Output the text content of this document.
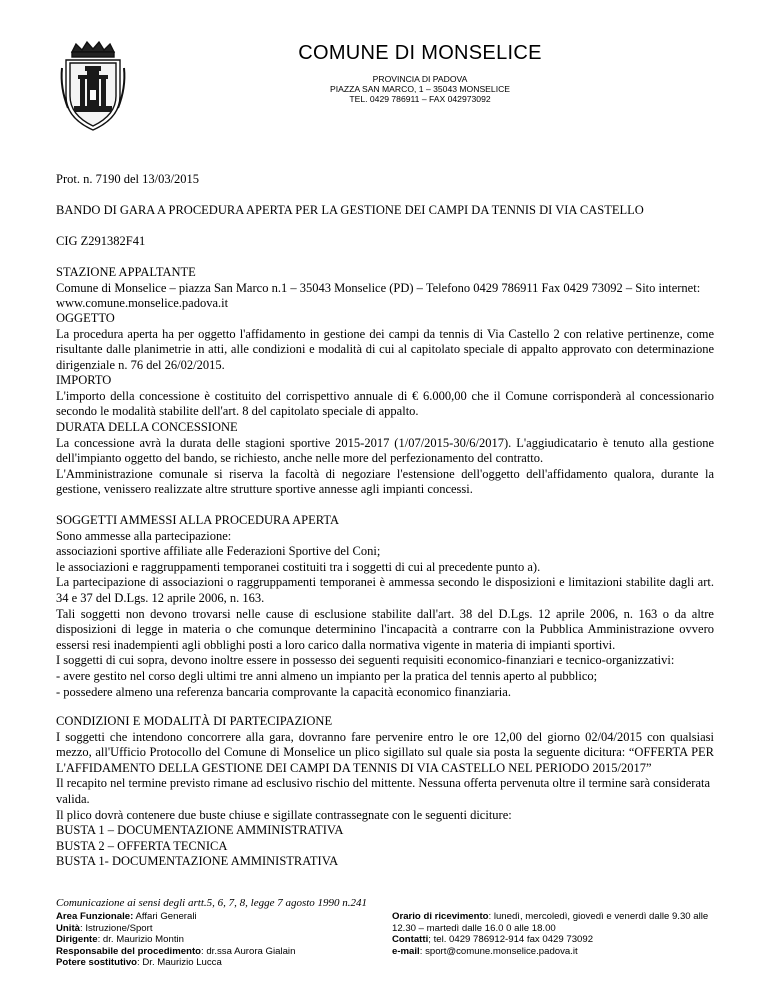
COMUNE DI MONSELICE
PROVINCIA DI PADOVA
PIAZZA SAN MARCO, 1 – 35043 MONSELICE
TEL. 0429 786911 – FAX 042973092
Prot. n. 7190 del 13/03/2015
BANDO DI GARA A PROCEDURA APERTA PER LA GESTIONE DEI CAMPI DA TENNIS DI VIA CASTELLO
CIG Z291382F41

STAZIONE APPALTANTE

Comune di Monselice – piazza San Marco n.1 – 35043 Monselice (PD) – Telefono 0429 786911 Fax 0429 73092 – Sito internet: www.comune.monselice.padova.it

OGGETTO

La procedura aperta ha per oggetto l'affidamento in gestione dei campi da tennis di Via Castello 2 con relative pertinenze, come risultante dalle planimetrie in atti, alle condizioni e modalità di cui al capitolato speciale di appalto approvato con determinazione dirigenziale n. 76 del 26/02/2015.

IMPORTO

L'importo della concessione è costituito del corrispettivo annuale di € 6.000,00 che il Comune corrisponderà al concessionario secondo le modalità stabilite dell'art. 8 del capitolato speciale di appalto.

DURATA DELLA CONCESSIONE

La concessione avrà la durata delle stagioni sportive 2015-2017 (1/07/2015-30/6/2017). L'aggiudicatario è tenuto alla gestione dell'impianto oggetto del bando, se richiesto, anche nelle more del perfezionamento del contratto.

L'Amministrazione comunale si riserva la facoltà di negoziare l'estensione dell'oggetto dell'affidamento qualora, durante la gestione, venissero realizzate altre strutture sportive annesse agli impianti concessi.

SOGGETTI AMMESSI ALLA PROCEDURA APERTA

Sono ammesse alla partecipazione:

associazioni sportive affiliate alle Federazioni Sportive del Coni;

le associazioni e raggruppamenti temporanei costituiti tra i soggetti di cui al precedente punto a).

La partecipazione di associazioni o raggruppamenti temporanei è ammessa secondo le disposizioni e limitazioni stabilite dagli art. 34 e 37 del D.Lgs. 12 aprile 2006, n. 163.

Tali soggetti non devono trovarsi nelle cause di esclusione stabilite dall'art. 38 del D.Lgs. 12 aprile 2006, n. 163 o da altre disposizioni di legge in materia o che comunque determinino l'incapacità a contrarre con la Pubblica Amministrazione ovvero essersi resi inadempienti agli obblighi posti a loro carico dalla normativa vigente in materia di impianti sportivi.

I soggetti di cui sopra, devono inoltre essere in possesso dei seguenti requisiti economico-finanziari e tecnico-organizzativi:

- avere gestito nel corso degli ultimi tre anni almeno un impianto per la pratica del tennis aperto al pubblico;

- possedere almeno una referenza bancaria comprovante la capacità economico finanziaria.

CONDIZIONI E MODALITÀ DI PARTECIPAZIONE

I soggetti che intendono concorrere alla gara, dovranno fare pervenire entro le ore 12,00 del giorno 02/04/2015 con qualsiasi mezzo, all'Ufficio Protocollo del Comune di Monselice un plico sigillato sul quale sia posta la seguente dicitura: “OFFERTA PER L'AFFIDAMENTO DELLA GESTIONE DEI CAMPI DA TENNIS DI VIA CASTELLO NEL PERIODO 2015/2017”

Il recapito nel termine previsto rimane ad esclusivo rischio del mittente. Nessuna offerta pervenuta oltre il termine sarà considerata valida.

Il plico dovrà contenere due buste chiuse e sigillate contrassegnate con le seguenti diciture:

BUSTA 1 – DOCUMENTAZIONE AMMINISTRATIVA

BUSTA 2 – OFFERTA TECNICA

BUSTA 1- DOCUMENTAZIONE AMMINISTRATIVA
Comunicazione ai sensi degli artt.5, 6, 7, 8, legge 7 agosto 1990 n.241
Area Funzionale: Affari Generali
Unità: Istruzione/Sport
Dirigente: dr. Maurizio Montin
Responsabile del procedimento: dr.ssa Aurora Gialain
Potere sostitutivo: Dr. Maurizio Lucca
Orario di ricevimento: lunedì, mercoledì, giovedì e venerdì dalle 9.30 alle 12.30 – martedì dalle 16.0 0 alle 18.00
Contatti; tel. 0429 786912-914 fax 0429 73092
e-mail: sport@comune.monselice.padova.it
